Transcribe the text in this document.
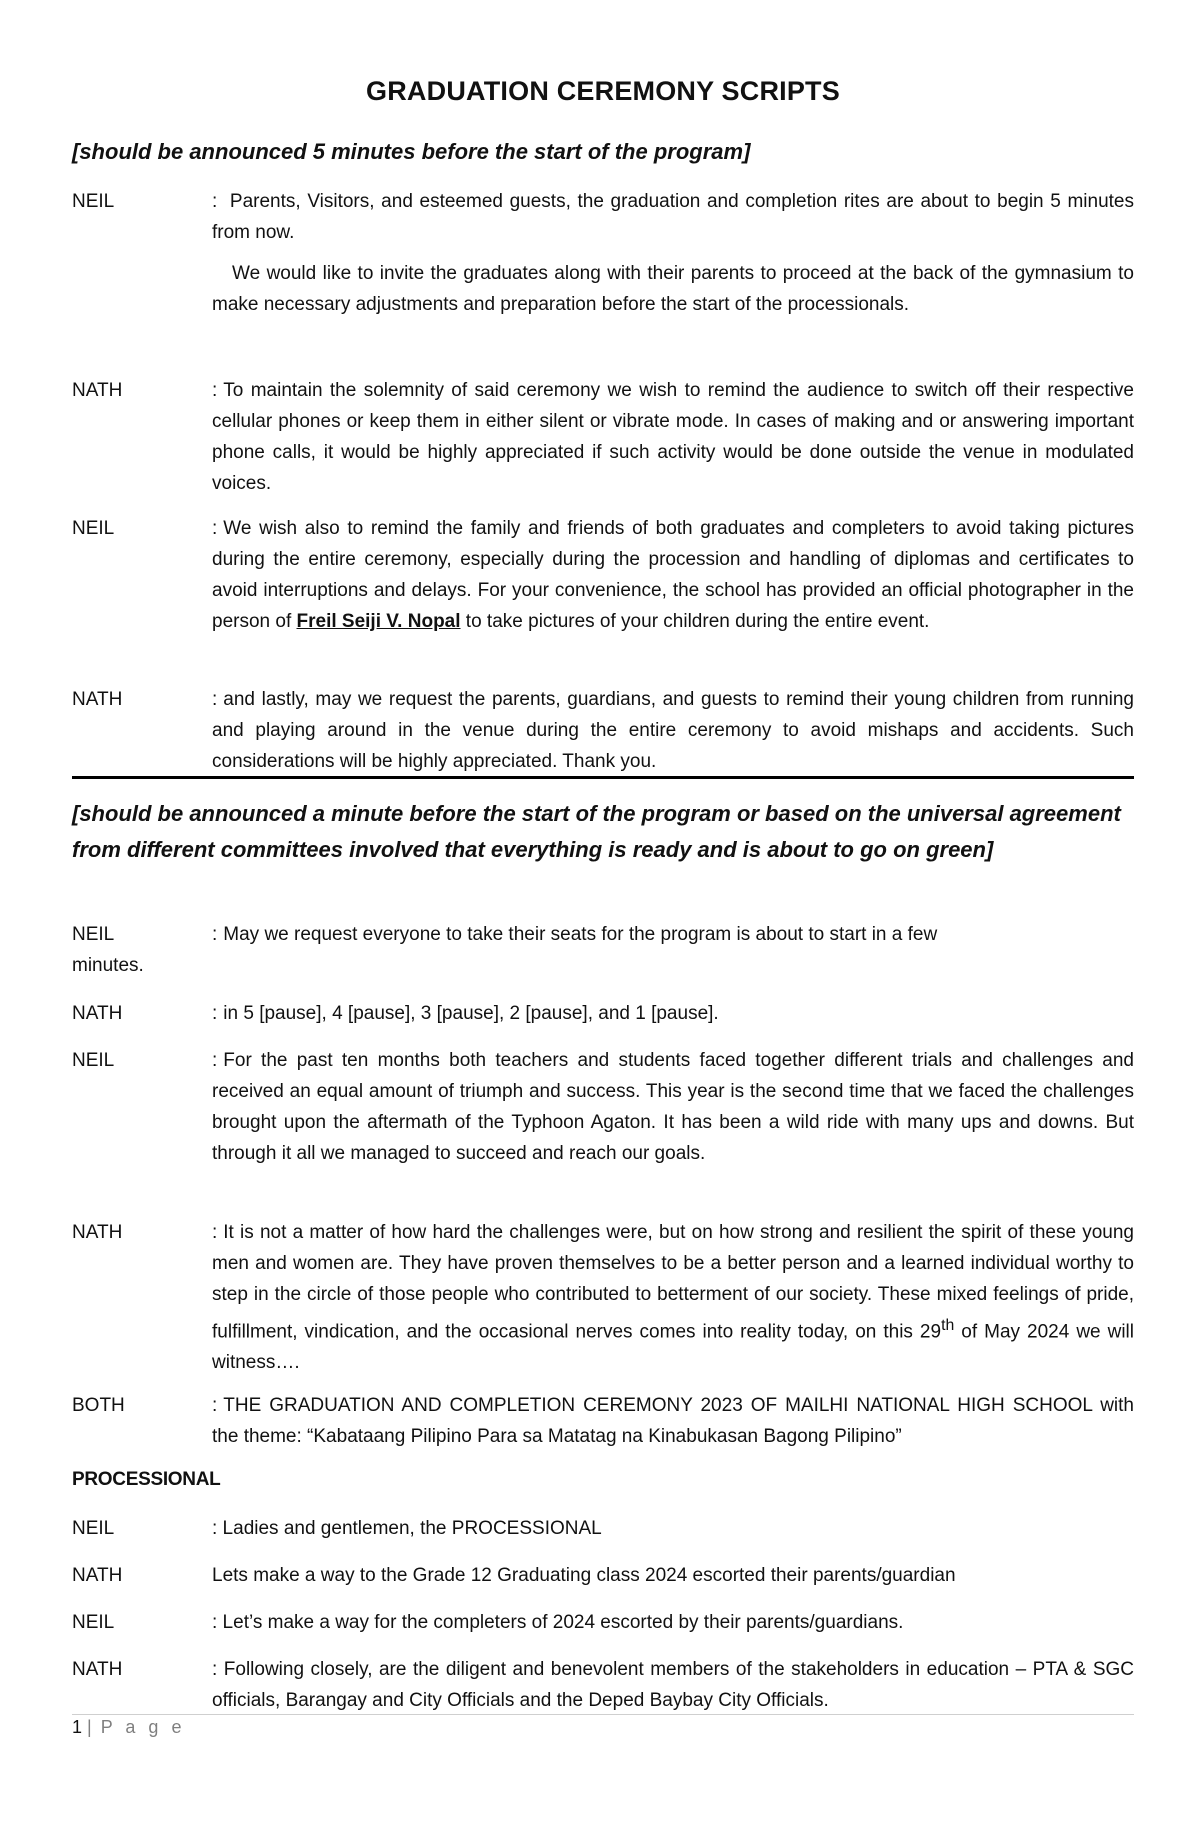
GRADUATION CEREMONY SCRIPTS
[should be announced 5 minutes before the start of the program]
NEIL	: Parents, Visitors, and esteemed guests, the graduation and completion rites are about to begin 5 minutes from now.

We would like to invite the graduates along with their parents to proceed at the back of the gymnasium to make necessary adjustments and preparation before the start of the processionals.

NATH	: To maintain the solemnity of said ceremony we wish to remind the audience to switch off their respective cellular phones or keep them in either silent or vibrate mode. In cases of making and or answering important phone calls, it would be highly appreciated if such activity would be done outside the venue in modulated voices.
NEIL	: We wish also to remind the family and friends of both graduates and completers to avoid taking pictures during the entire ceremony, especially during the procession and handling of diplomas and certificates to avoid interruptions and delays. For your convenience, the school has provided an official photographer in the person of Freil Seiji V. Nopal to take pictures of your children during the entire event.
NATH	: and lastly, may we request the parents, guardians, and guests to remind their young children from running and playing around in the venue during the entire ceremony to avoid mishaps and accidents. Such considerations will be highly appreciated. Thank you.
[should be announced a minute before the start of the program or based on the universal agreement from different committees involved that everything is ready and is about to go on green]
NEIL	: May we request everyone to take their seats for the program is about to start in a few
minutes.
NATH	: in 5 [pause], 4 [pause], 3 [pause], 2 [pause], and 1 [pause].
NEIL	: For the past ten months both teachers and students faced together different trials and challenges and received an equal amount of triumph and success. This year is the second time that we faced the challenges brought upon the aftermath of the Typhoon Agaton. It has been a wild ride with many ups and downs. But through it all we managed to succeed and reach our goals.
NATH	: It is not a matter of how hard the challenges were, but on how strong and resilient the spirit of these young men and women are. They have proven themselves to be a better person and a learned individual worthy to step in the circle of those people who contributed to betterment of our society. These mixed feelings of pride, fulfillment, vindication, and the occasional nerves comes into reality today, on this 29th of May 2024 we will witness….
BOTH	: THE GRADUATION AND COMPLETION CEREMONY 2023 OF MAILHI NATIONAL HIGH SCHOOL with the theme: “Kabataang Pilipino Para sa Matatag na Kinabukasan Bagong Pilipino”
PROCESSIONAL
NEIL	: Ladies and gentlemen, the PROCESSIONAL
NATH	Lets make a way to the Grade 12 Graduating class 2024 escorted their parents/guardian
NEIL	: Let’s make a way for the completers of 2024 escorted by their parents/guardians.
NATH	: Following closely, are the diligent and benevolent members of the stakeholders in education – PTA & SGC officials, Barangay and City Officials and the Deped Baybay City Officials.
1 | P a g e
